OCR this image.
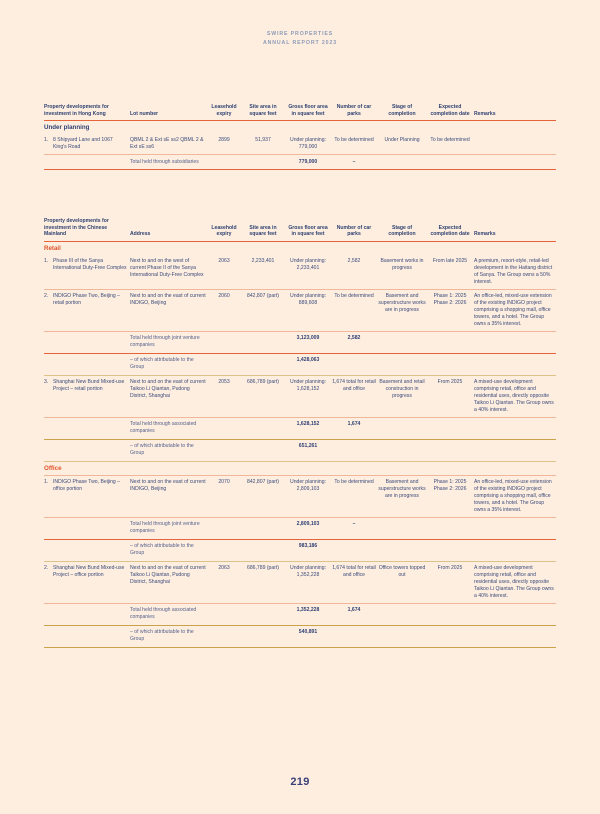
SWIRE PROPERTIES
ANNUAL REPORT 2023
Property developments for investment in Hong Kong	Lot number	Leasehold expiry	Site area in square feet	Gross floor area in square feet	Number of car parks	Stage of completion	Expected completion date	Remarks
Under planning								
1. 8 Shipyard Lane and 1067 King's Road	QBML 2 & Ext sE ss2 QBML 2 & Ext sE ss6	2899	51,937	Under planning: 779,000	To be determined	Under Planning	To be determined	
	Total held through subsidiaries			779,000	–			
Property developments for investment in the Chinese Mainland	Address	Leasehold expiry	Site area in square feet	Gross floor area in square feet	Number of car parks	Stage of completion	Expected completion date	Remarks
Retail								
1. Phase III of the Sanya International Duty-Free Complex	Next to and on the west of current Phase II of the Sanya International Duty-Free Complex	2063	2,233,401	Under planning: 2,233,401	2,582	Basement works in progress	From late 2025	A premium, resort-style, retail-led development in the Haitang district of Sanya. The Group owns a 50% interest.
2. INDIGO Phase Two, Beijing – retail portion	Next to and on the east of current INDIGO, Beijing	2060	842,807 (part)	Under planning: 889,608	To be determined	Basement and superstructure works are in progress	Phase 1: 2025 Phase 2: 2026	An office-led, mixed-use extension of the existing INDIGO project comprising a shopping mall, office towers, and a hotel. The Group owns a 35% interest.
	Total held through joint venture companies			3,123,009	2,582			
	– of which attributable to the Group			1,428,063				
3. Shanghai New Bund Mixed-use Project – retail portion	Next to and on the east of current Taikoo Li Qiantan, Pudong District, Shanghai	2053	686,789 (part)	Under planning: 1,628,152	1,674 total for retail and office	Basement and retail construction in progress	From 2025	A mixed-use development comprising retail, office and residential uses, directly opposite Taikoo Li Qiantan. The Group owns a 40% interest.
	Total held through associated companies			1,628,152	1,674			
	– of which attributable to the Group			651,261				
Office								
1. INDIGO Phase Two, Beijing – office portion	Next to and on the east of current INDIGO, Beijing	2070	842,807 (part)	Under planning: 2,809,103	To be determined	Basement and superstructure works are in progress	Phase 1: 2025 Phase 2: 2026	An office-led, mixed-use extension of the existing INDIGO project comprising a shopping mall, office towers, and a hotel. The Group owns a 35% interest.
	Total held through joint venture companies			2,809,103	–			
	– of which attributable to the Group			983,186				
2. Shanghai New Bund Mixed-use Project – office portion	Next to and on the east of current Taikoo Li Qiantan, Pudong District, Shanghai	2063	686,789 (part)	Under planning: 1,352,228	1,674 total for retail and office	Office towers topped out	From 2025	A mixed-use development comprising retail, office and residential uses, directly opposite Taikoo Li Qiantan. The Group owns a 40% interest.
	Total held through associated companies			1,352,228	1,674			
	– of which attributable to the Group			540,891				
219
